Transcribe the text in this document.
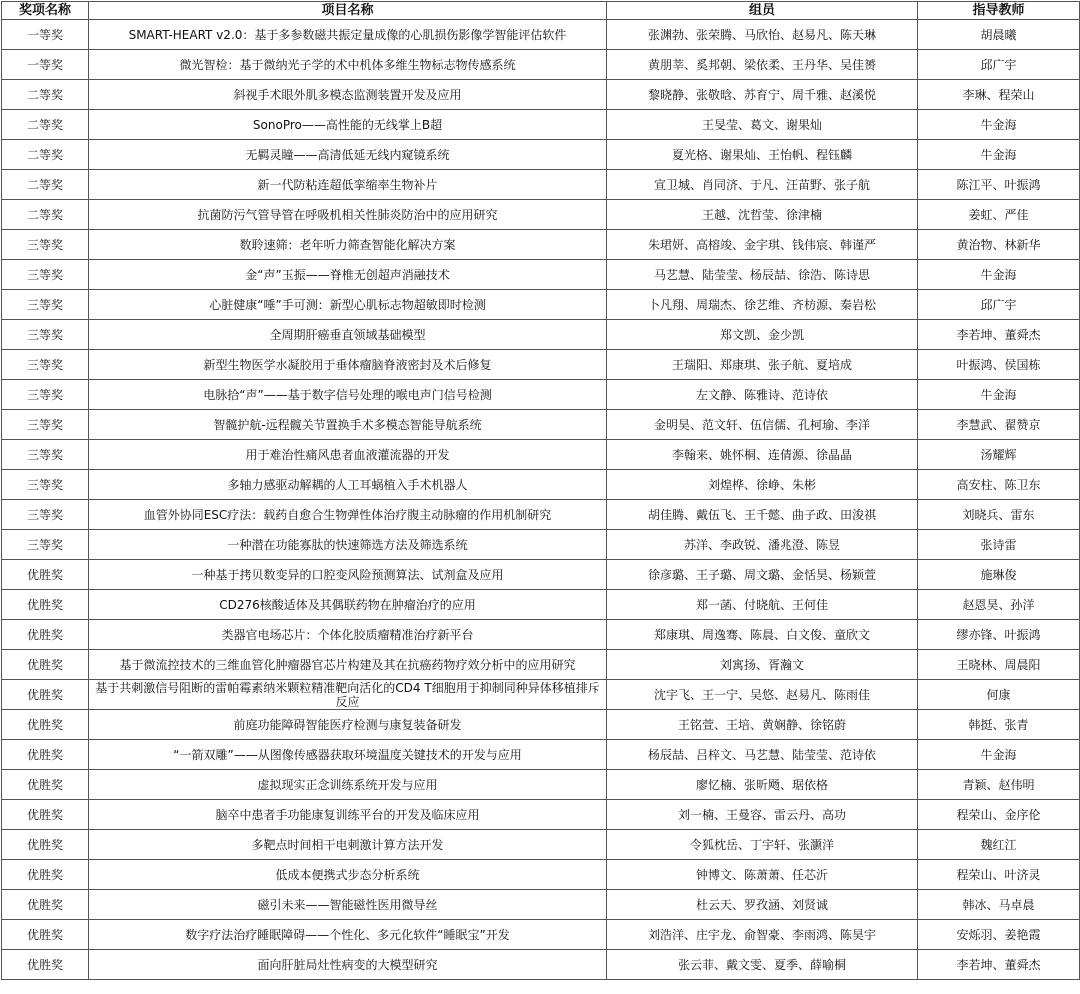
奖项名称	项目名称	组员	指导教师
一等奖	SMART-HEART v2.0：基于多参数磁共振定量成像的心肌损伤影像学智能评估软件	张渊勃、张荣腾、马欣怡、赵易凡、陈天琳	胡晨曦
一等奖	微光智检：基于微纳光子学的术中机体多维生物标志物传感系统	黄朋莘、奚邦朝、梁依柔、王丹华、吴佳赟	邱广宇
二等奖	斜视手术眼外肌多模态监测装置开发及应用	黎晓静、张敬晗、苏育宁、周千雅、赵溪悦	李琳、程荣山
二等奖	SonoPro——高性能的无线掌上B超	王旻莹、葛文、谢果灿	牛金海
二等奖	无羁灵瞳——高清低延无线内窥镜系统	夏光格、谢果灿、王怡帆、程钰麟	牛金海
二等奖	新一代防粘连超低挛缩率生物补片	宣卫城、肖同济、于凡、汪苗野、张子航	陈江平、叶振鸿
二等奖	抗菌防污气管导管在呼吸机相关性肺炎防治中的应用研究	王越、沈哲莹、徐津楠	姜虹、严佳
三等奖	数聆速筛：老年听力筛查智能化解决方案	朱珺妍、高榕竣、金宇琪、钱伟宸、韩谨严	黄治物、林新华
三等奖	金“声”玉振——脊椎无创超声消融技术	马艺慧、陆莹莹、杨辰喆、徐浩、陈诗思	牛金海
三等奖	心脏健康“唾”手可测：新型心肌标志物超敏即时检测	卜凡翔、周瑞杰、徐艺维、齐枋源、秦岩松	邱广宇
三等奖	全周期肝癌垂直领域基础模型	郑文凯、金少凯	李若坤、董舜杰
三等奖	新型生物医学水凝胶用于垂体瘤脑脊液密封及术后修复	王瑞阳、郑康琪、张子航、夏培成	叶振鸿、侯国栋
三等奖	电脉拾“声”——基于数字信号处理的喉电声门信号检测	左文静、陈雅诗、范诗依	牛金海
三等奖	智髋护航-远程髋关节置换手术多模态智能导航系统	金明昊、范文轩、伍信儒、孔柯瑜、李洋	李慧武、翟赞京
三等奖	用于难治性痛风患者血液灌流器的开发	李翰来、姚怀桐、连倩源、徐晶晶	汤耀辉
三等奖	多轴力感驱动解耦的人工耳蜗植入手术机器人	刘煌桦、徐峥、朱彬	高安柱、陈卫东
三等奖	血管外协同ESC疗法：载药自愈合生物弹性体治疗腹主动脉瘤的作用机制研究	胡佳腾、戴伍飞、王千懿、曲子政、田浚祺	刘晓兵、雷东
三等奖	一种潜在功能寡肽的快速筛选方法及筛选系统	苏洋、李政锐、潘兆澄、陈昱	张诗雷
优胜奖	一种基于拷贝数变异的口腔变风险预测算法、试剂盒及应用	徐彦璐、王子璐、周文璐、金恬昊、杨颖萱	施琳俊
优胜奖	CD276核酸适体及其偶联药物在肿瘤治疗的应用	郑一菡、付晓航、王何佳	赵恩昊、孙洋
优胜奖	类器官电场芯片：个体化胶质瘤精准治疗新平台	郑康琪、周逸骞、陈晨、白文俊、童欣文	缪亦锋、叶振鸿
优胜奖	基于微流控技术的三维血管化肿瘤器官芯片构建及其在抗癌药物疗效分析中的应用研究	刘寓扬、胥瀚文	王晓林、周晨阳
优胜奖	基于共刺激信号阻断的雷帕霉素纳米颗粒精准靶向活化的CD4 T细胞用于抑制同种异体移植排斥反应	沈宇飞、王一宁、吴悠、赵易凡、陈雨佳	何康
优胜奖	前庭功能障碍智能医疗检测与康复装备研发	王铭萱、王培、黄娴静、徐铭蔚	韩挺、张青
优胜奖	“一箭双雕”——从图像传感器获取环境温度关键技术的开发与应用	杨辰喆、吕梓文、马艺慧、陆莹莹、范诗依	牛金海
优胜奖	虚拟现实正念训练系统开发与应用	廖忆楠、张昕飏、琚依格	青颖、赵伟明
优胜奖	脑卒中患者手功能康复训练平台的开发及临床应用	刘一楠、王曼容、雷云丹、高功	程荣山、金序伦
优胜奖	多靶点时间相干电刺激计算方法开发	令狐枕岳、丁宇轩、张灏洋	魏红江
优胜奖	低成本便携式步态分析系统	钟博文、陈萧萧、任芯沂	程荣山、叶济灵
优胜奖	磁引未来——智能磁性医用微导丝	杜云天、罗孜涵、刘贤诚	韩冰、马卓晨
优胜奖	数字疗法治疗睡眠障碍——个性化、多元化软件“睡眠宝”开发	刘浩洋、庄宇龙、俞智豪、李雨鸿、陈昊宇	安烁羽、姜艳霞
优胜奖	面向肝脏局灶性病变的大模型研究	张云菲、戴文雯、夏季、薛喻桐	李若坤、董舜杰
